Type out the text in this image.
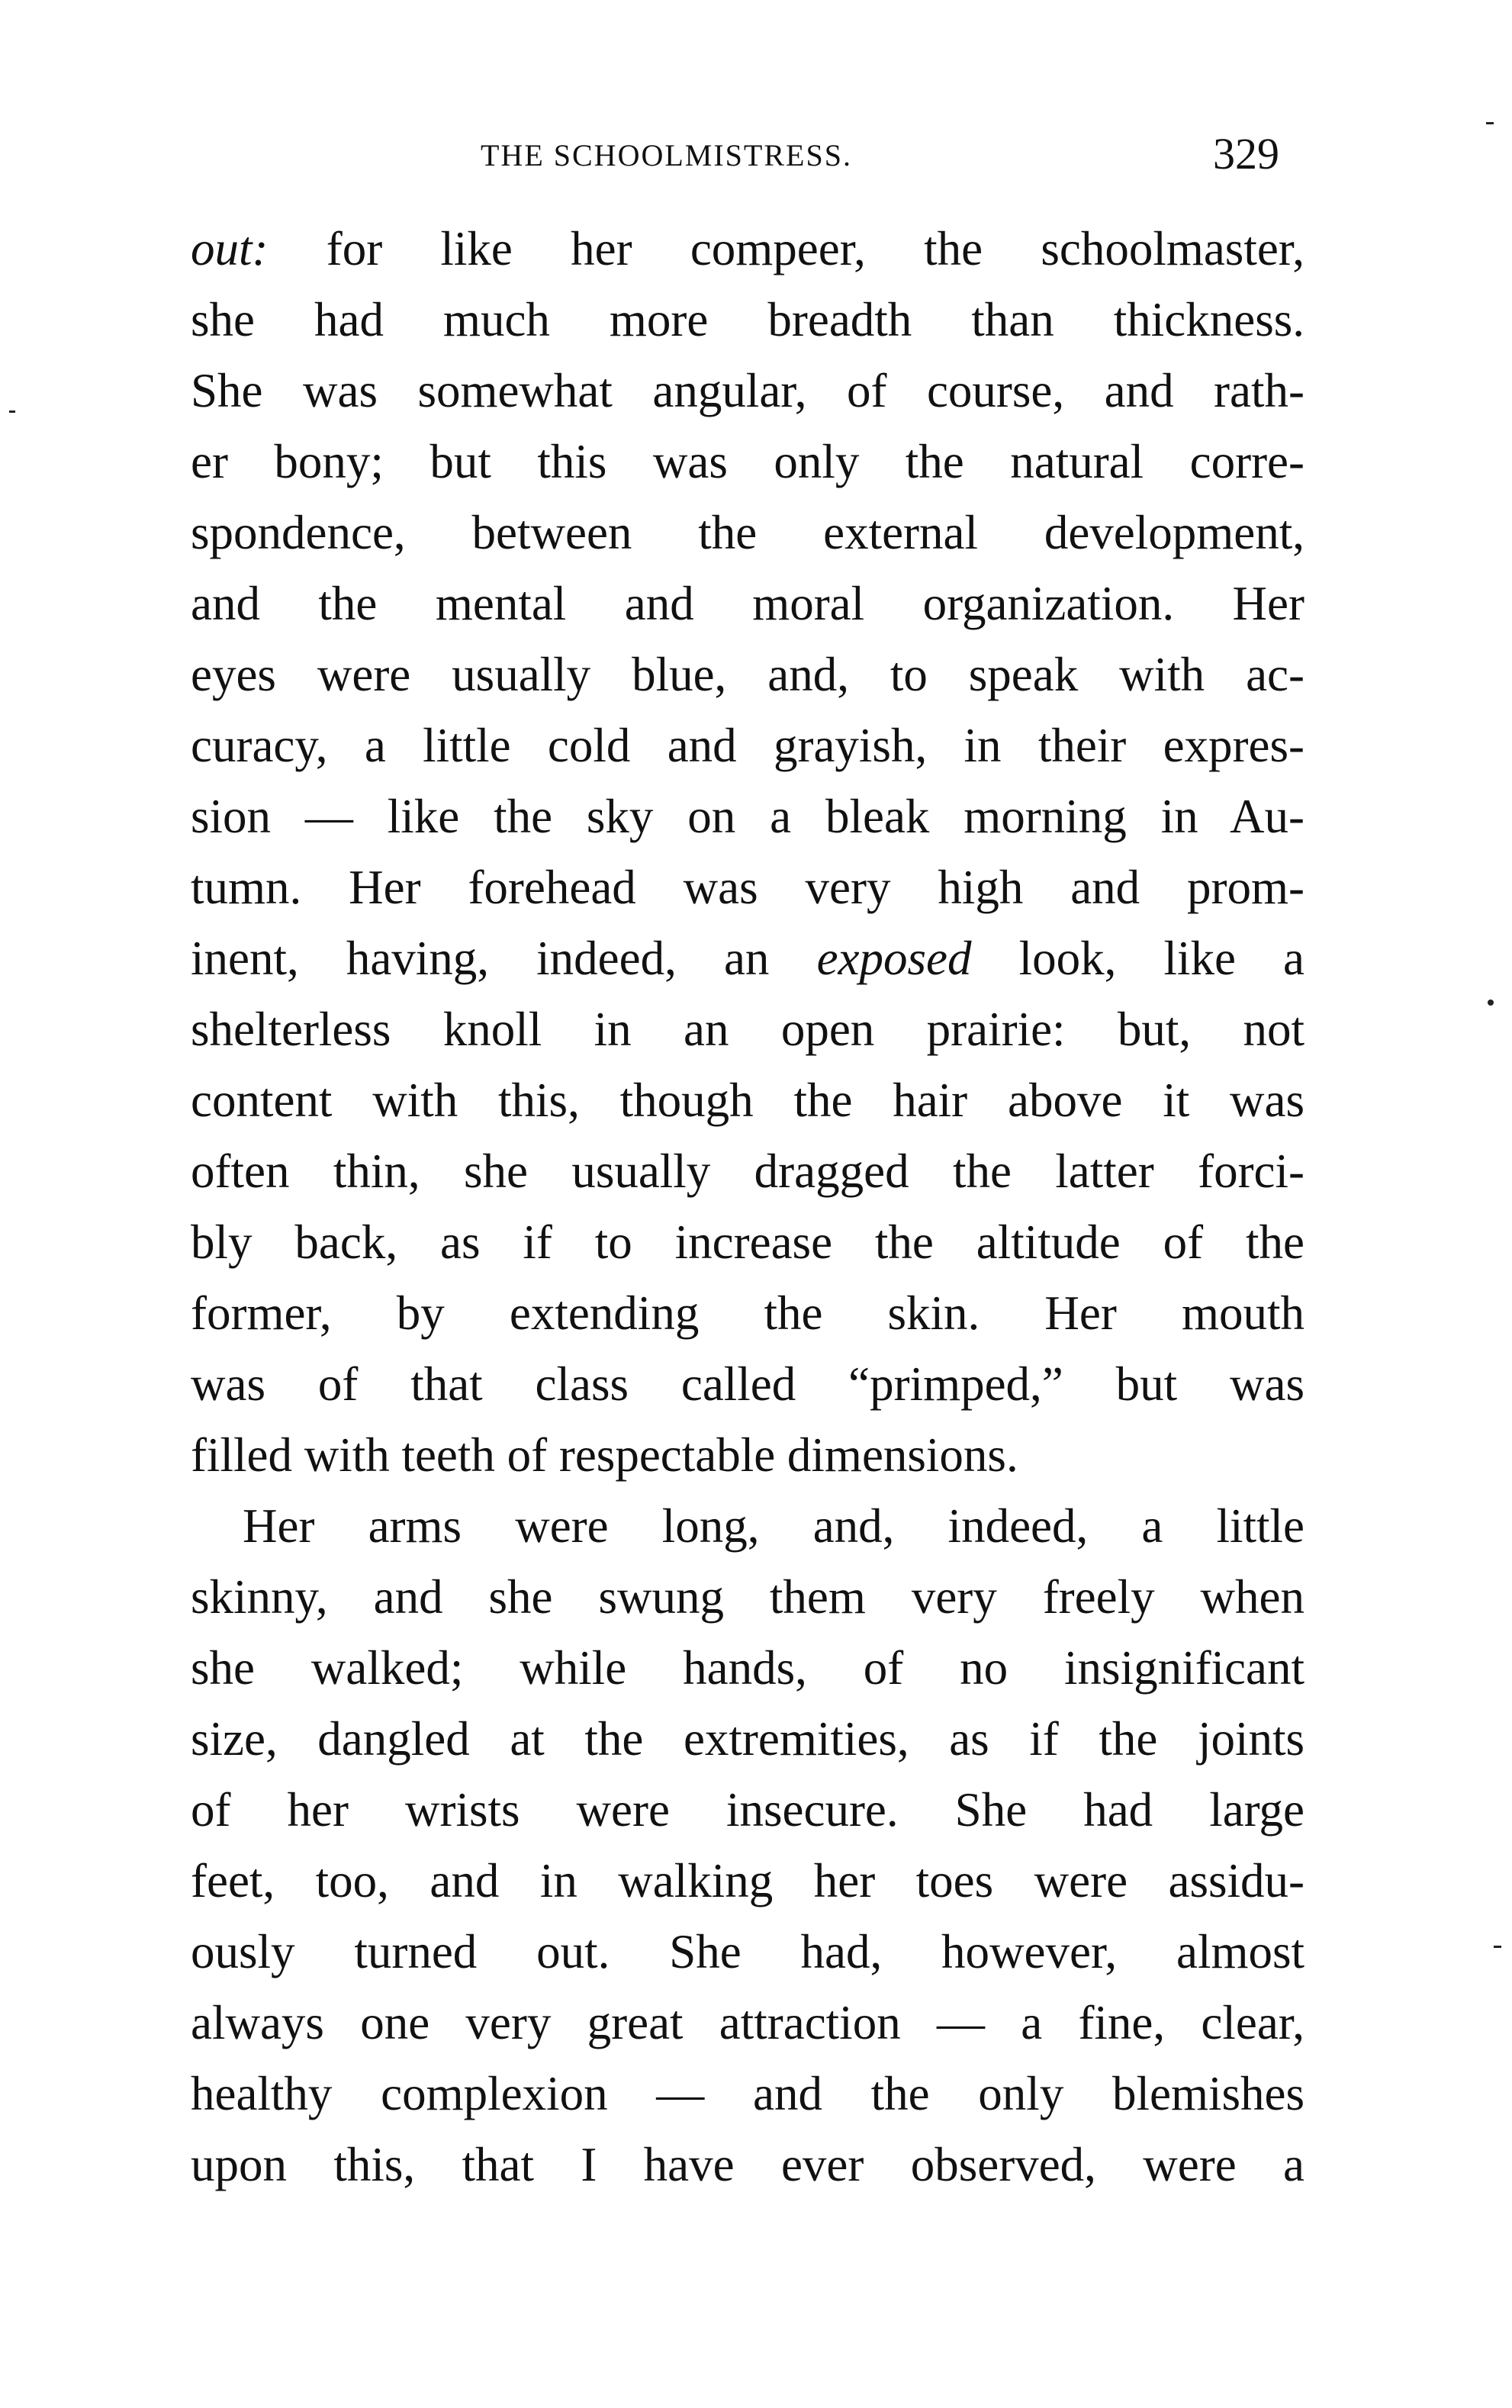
THE SCHOOLMISTRESS.	329
out: for like her compeer, the schoolmaster,
she had much more breadth than thickness.
She was somewhat angular, of course, and rath-
er bony; but this was only the natural corre-
spondence, between the external development,
and the mental and moral organization. Her
eyes were usually blue, and, to speak with ac-
curacy, a little cold and grayish, in their expres-
sion — like the sky on a bleak morning in Au-
tumn. Her forehead was very high and prom-
inent, having, indeed, an exposed look, like a
shelterless knoll in an open prairie: but, not
content with this, though the hair above it was
often thin, she usually dragged the latter forci-
bly back, as if to increase the altitude of the
former, by extending the skin. Her mouth
was of that class called “primped,” but was
filled with teeth of respectable dimensions.
Her arms were long, and, indeed, a little
skinny, and she swung them very freely when
she walked; while hands, of no insignificant
size, dangled at the extremities, as if the joints
of her wrists were insecure. She had large
feet, too, and in walking her toes were assidu-
ously turned out. She had, however, almost
always one very great attraction — a fine, clear,
healthy complexion — and the only blemishes
upon this, that I have ever observed, were a
